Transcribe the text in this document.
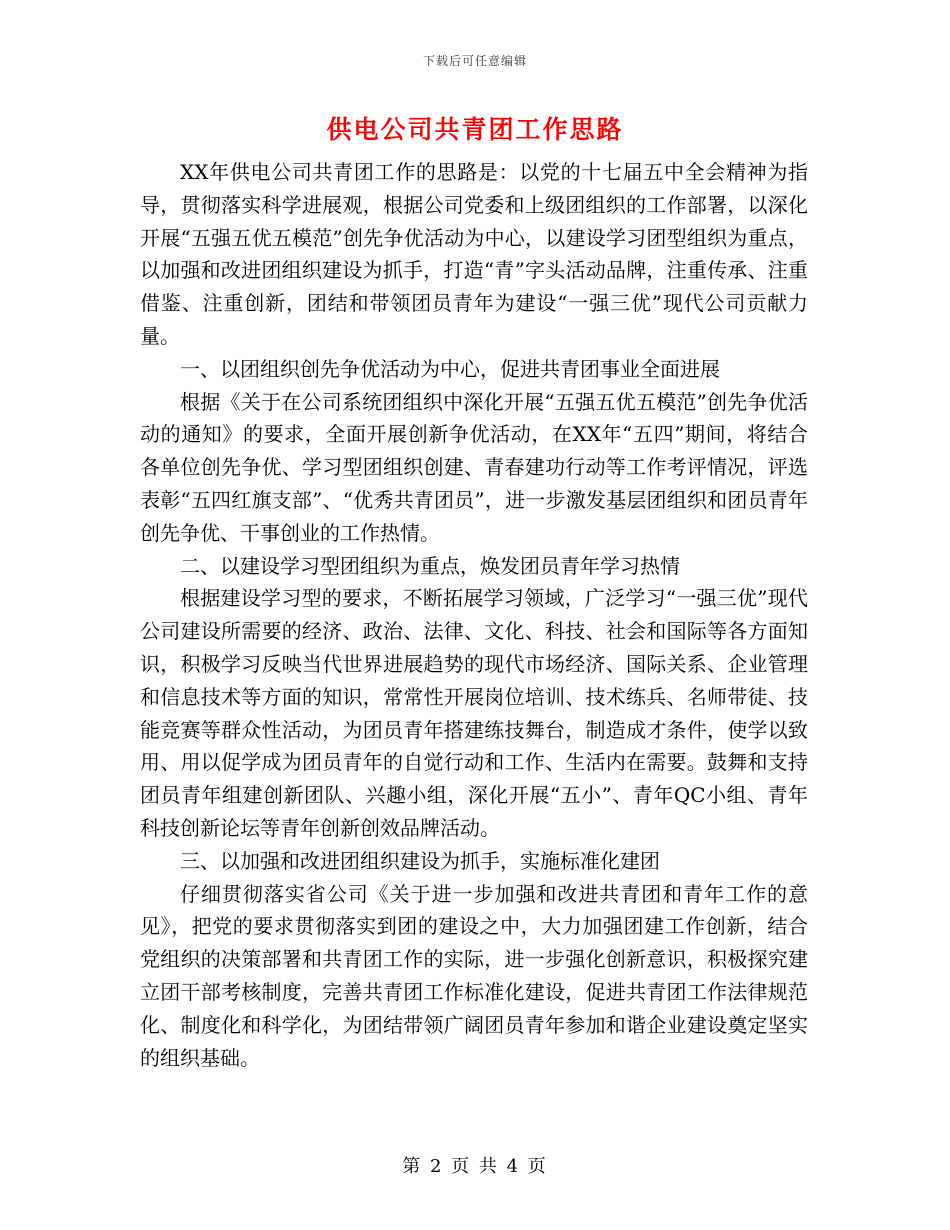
下载后可任意编辑
供电公司共青团工作思路

XX年供电公司共青团工作的思路是：以党的十七届五中全会精神为指导，贯彻落实科学进展观，根据公司党委和上级团组织的工作部署，以深化开展“五强五优五模范”创先争优活动为中心，以建设学习团型组织为重点，以加强和改进团组织建设为抓手，打造“青”字头活动品牌，注重传承、注重借鉴、注重创新，团结和带领团员青年为建设“一强三优”现代公司贡献力量。

一、以团组织创先争优活动为中心，促进共青团事业全面进展

根据《关于在公司系统团组织中深化开展“五强五优五模范”创先争优活动的通知》的要求，全面开展创新争优活动，在XX年“五四”期间，将结合各单位创先争优、学习型团组织创建、青春建功行动等工作考评情况，评选表彰“五四红旗支部”、“优秀共青团员”，进一步激发基层团组织和团员青年创先争优、干事创业的工作热情。

二、以建设学习型团组织为重点，焕发团员青年学习热情

根据建设学习型的要求，不断拓展学习领域，广泛学习“一强三优”现代公司建设所需要的经济、政治、法律、文化、科技、社会和国际等各方面知识，积极学习反映当代世界进展趋势的现代市场经济、国际关系、企业管理和信息技术等方面的知识，常常性开展岗位培训、技术练兵、名师带徒、技能竞赛等群众性活动，为团员青年搭建练技舞台，制造成才条件，使学以致用、用以促学成为团员青年的自觉行动和工作、生活内在需要。鼓舞和支持团员青年组建创新团队、兴趣小组，深化开展“五小”、青年QC小组、青年科技创新论坛等青年创新创效品牌活动。

三、以加强和改进团组织建设为抓手，实施标准化建团

仔细贯彻落实省公司《关于进一步加强和改进共青团和青年工作的意见》，把党的要求贯彻落实到团的建设之中，大力加强团建工作创新，结合党组织的决策部署和共青团工作的实际，进一步强化创新意识，积极探究建立团干部考核制度，完善共青团工作标准化建设，促进共青团工作法律规范化、制度化和科学化，为团结带领广阔团员青年参加和谐企业建设奠定坚实的组织基础。

第 2 页 共 4 页
